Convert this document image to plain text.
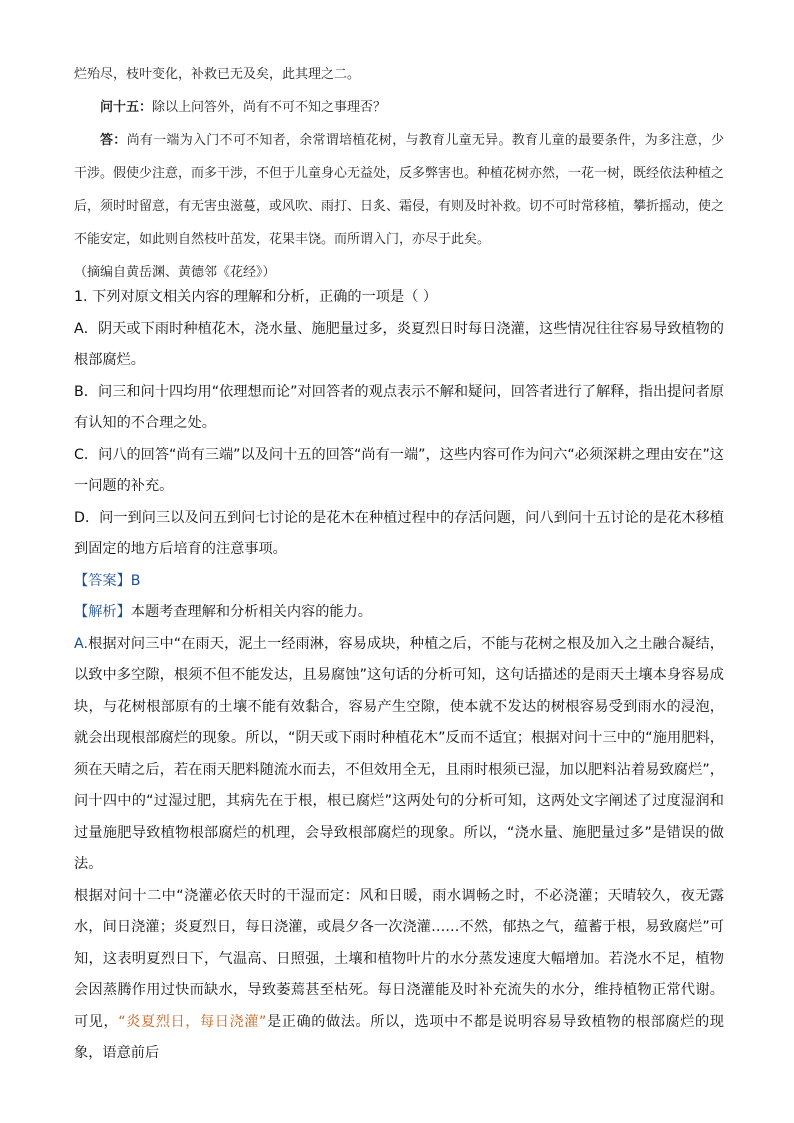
烂殆尽，枝叶变化，补救已无及矣，此其理之二。

问十五：除以上问答外，尚有不可不知之事理否？

答：尚有一端为入门不可不知者，余常谓培植花树，与教育儿童无异。教育儿童的最要条件，为多注意，少干涉。假使少注意，而多干涉，不但于儿童身心无益处，反多弊害也。种植花树亦然，一花一树，既经依法种植之后，须时时留意，有无害虫滋蔓，或风吹、雨打、日炙、霜侵，有则及时补救。切不可时常移植，攀折摇动，使之不能安定，如此则自然枝叶茁发，花果丰饶。而所谓入门，亦尽于此矣。

（摘编自黄岳渊、黄德邻《花经》）

1. 下列对原文相关内容的理解和分析，正确的一项是（ ）

A．阴天或下雨时种植花木，浇水量、施肥量过多，炎夏烈日时每日浇灌，这些情况往往容易导致植物的根部腐烂。

B．问三和问十四均用“依理想而论”对回答者的观点表示不解和疑问，回答者进行了解释，指出提问者原有认知的不合理之处。

C．问八的回答“尚有三端”以及问十五的回答“尚有一端”，这些内容可作为问六“必须深耕之理由安在”这一问题的补充。

D．问一到问三以及问五到问七讨论的是花木在种植过程中的存活问题，问八到问十五讨论的是花木移植到固定的地方后培育的注意事项。

【答案】B

【解析】本题考查理解和分析相关内容的能力。

A.根据对问三中“在雨天，泥土一经雨淋，容易成块，种植之后，不能与花树之根及加入之土融合凝结，以致中多空隙，根须不但不能发达，且易腐蚀”这句话的分析可知，这句话描述的是雨天土壤本身容易成块，与花树根部原有的土壤不能有效黏合，容易产生空隙，使本就不发达的树根容易受到雨水的浸泡，就会出现根部腐烂的现象。所以，“阴天或下雨时种植花木”反而不适宜；根据对问十三中的“施用肥料，须在天晴之后，若在雨天肥料随流水而去，不但效用全无，且雨时根须已湿，加以肥料沾着易致腐烂”，问十四中的“过湿过肥，其病先在于根，根已腐烂”这两处句的分析可知，这两处文字阐述了过度湿润和过量施肥导致植物根部腐烂的机理，会导致根部腐烂的现象。所以，“浇水量、施肥量过多”是错误的做法。

根据对问十二中“浇灌必依天时的干湿而定：风和日暖，雨水调畅之时，不必浇灌；天晴较久，夜无露水，间日浇灌；炎夏烈日，每日浇灌，或晨夕各一次浇灌……不然，郁热之气，蕴蓄于根，易致腐烂”可知，这表明夏烈日下，气温高、日照强，土壤和植物叶片的水分蒸发速度大幅增加。若浇水不足，植物会因蒸腾作用过快而缺水，导致萎蔫甚至枯死。每日浇灌能及时补充流失的水分，维持植物正常代谢。可见，“炎夏烈日，每日浇灌”是正确的做法。所以，选项中不都是说明容易导致植物的根部腐烂的现象，语意前后
